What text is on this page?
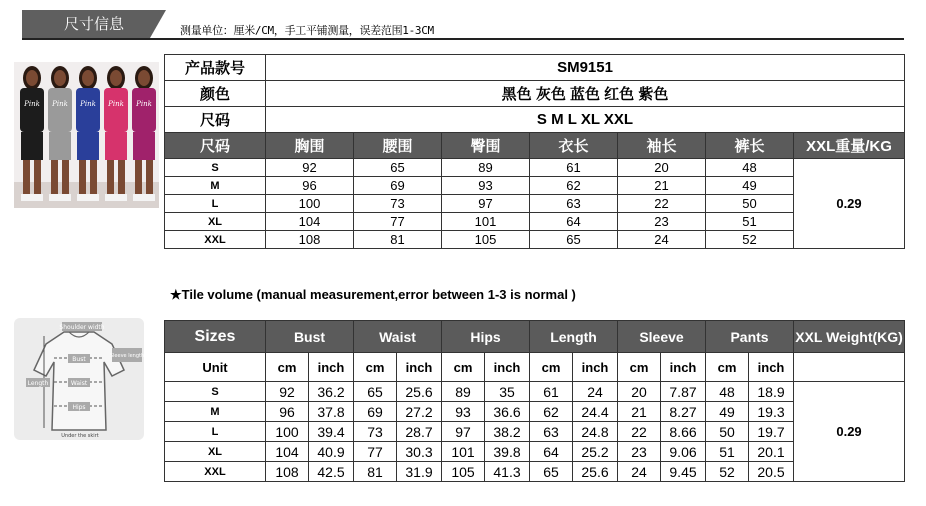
尺寸信息	测量单位：厘米/CM，手工平铺测量，误差范围1-3CM
Pink Pink Pink Pink Pink
产品款号	SM9151						
颜色	黑色 灰色 蓝色 红色 紫色						
尺码	S M L XL XXL						
尺码	胸围	腰围	臀围	衣长	袖长	裤长	XXL重量/KG
S	92	65	89	61	20	48	0.29
M	96	69	93	62	21	49	
L	100	73	97	63	22	50	
XL	104	77	101	64	23	51	
XXL	108	81	105	65	24	52	
★Tile volume (manual measurement,error between 1-3 is normal )
Shoulder width
Sleeve length
Length
Bust
Waist
Hips
Under the skirt
Sizes	Bust		Waist		Hips		Length		Sleeve		Pants		XXL Weight(KG)
Unit	cm	inch	cm	inch	cm	inch	cm	inch	cm	inch	cm	inch	
S	92	36.2	65	25.6	89	35	61	24	20	7.87	48	18.9	0.29
M	96	37.8	69	27.2	93	36.6	62	24.4	21	8.27	49	19.3	
L	100	39.4	73	28.7	97	38.2	63	24.8	22	8.66	50	19.7	
XL	104	40.9	77	30.3	101	39.8	64	25.2	23	9.06	51	20.1	
XXL	108	42.5	81	31.9	105	41.3	65	25.6	24	9.45	52	20.5	
